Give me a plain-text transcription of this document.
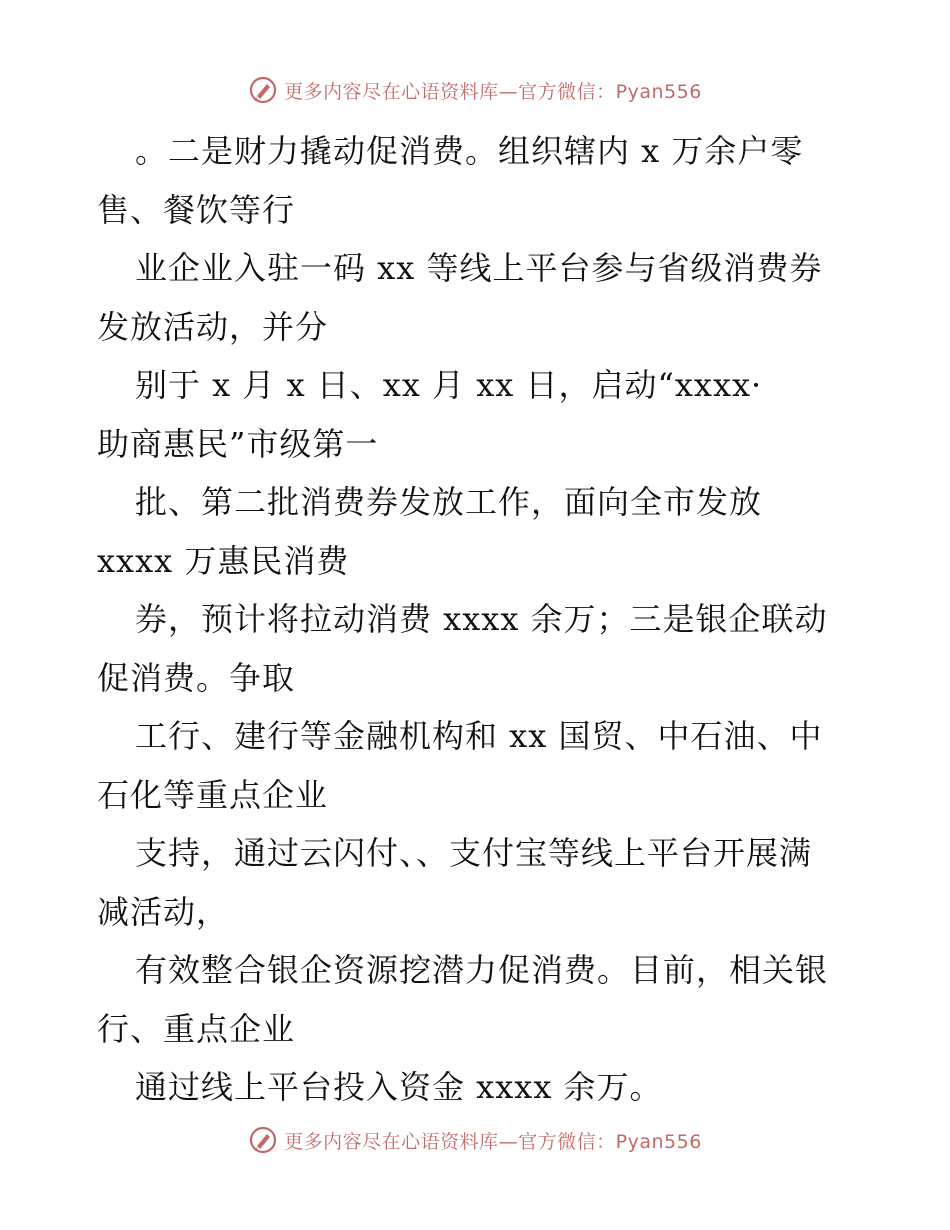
更多内容尽在心语资料库—官方微信：Pyan556
。二是财力撬动促消费。组织辖内 x 万余户零
售、餐饮等行
业企业入驻一码 xx 等线上平台参与省级消费券
发放活动，并分
别于 x 月 x 日、xx 月 xx 日，启动“xxxx·
助商惠民”市级第一
批、第二批消费券发放工作，面向全市发放
xxxx 万惠民消费
券，预计将拉动消费 xxxx 余万；三是银企联动
促消费。争取
工行、建行等金融机构和 xx 国贸、中石油、中
石化等重点企业
支持，通过云闪付、、支付宝等线上平台开展满
减活动，
有效整合银企资源挖潜力促消费。目前，相关银
行、重点企业
通过线上平台投入资金 xxxx 余万。
更多内容尽在心语资料库—官方微信：Pyan556
